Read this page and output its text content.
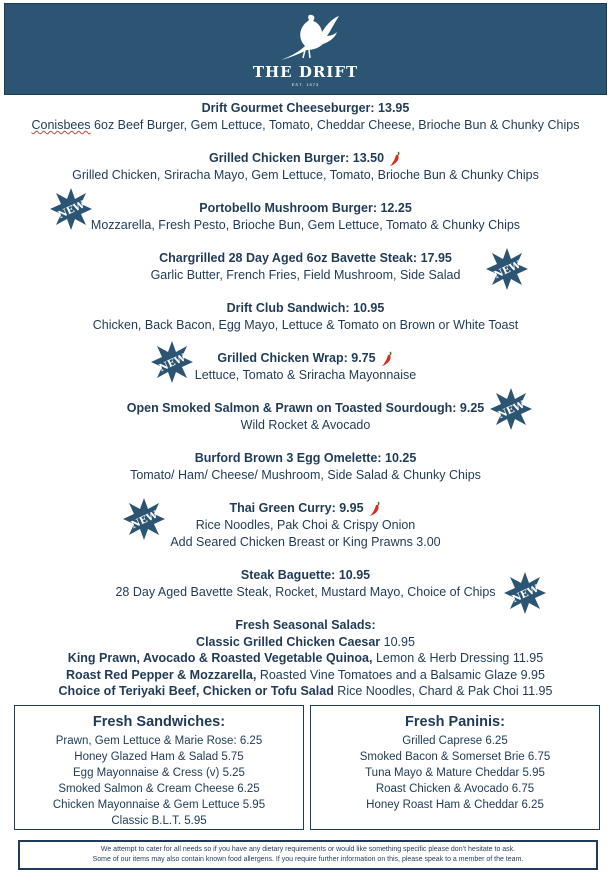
THE DRIFT
EST. 1973
Drift Gourmet Cheeseburger: 13.95
Conisbees 6oz Beef Burger, Gem Lettuce, Tomato, Cheddar Cheese, Brioche Bun & Chunky Chips
Grilled Chicken Burger: 13.50
Grilled Chicken, Sriracha Mayo, Gem Lettuce, Tomato, Brioche Bun & Chunky Chips
Portobello Mushroom Burger: 12.25
Mozzarella, Fresh Pesto, Brioche Bun, Gem Lettuce, Tomato & Chunky Chips
Chargrilled 28 Day Aged 6oz Bavette Steak: 17.95
Garlic Butter, French Fries, Field Mushroom, Side Salad
Drift Club Sandwich: 10.95
Chicken, Back Bacon, Egg Mayo, Lettuce & Tomato on Brown or White Toast
Grilled Chicken Wrap: 9.75
Lettuce, Tomato & Sriracha Mayonnaise
Open Smoked Salmon & Prawn on Toasted Sourdough: 9.25
Wild Rocket & Avocado
Burford Brown 3 Egg Omelette: 10.25
Tomato/ Ham/ Cheese/ Mushroom, Side Salad & Chunky Chips
Thai Green Curry: 9.95
Rice Noodles, Pak Choi & Crispy Onion
Add Seared Chicken Breast or King Prawns 3.00
Steak Baguette: 10.95
28 Day Aged Bavette Steak, Rocket, Mustard Mayo, Choice of Chips
NEW
NEW
NEW
NEW
NEW
NEW
Fresh Seasonal Salads:
Classic Grilled Chicken Caesar 10.95
King Prawn, Avocado & Roasted Vegetable Quinoa, Lemon & Herb Dressing 11.95
Roast Red Pepper & Mozzarella, Roasted Vine Tomatoes and a Balsamic Glaze 9.95
Choice of Teriyaki Beef, Chicken or Tofu Salad Rice Noodles, Chard & Pak Choi 11.95
Fresh Sandwiches:
Prawn, Gem Lettuce & Marie Rose: 6.25
Honey Glazed Ham & Salad 5.75
Egg Mayonnaise & Cress (v) 5.25
Smoked Salmon & Cream Cheese 6.25
Chicken Mayonnaise & Gem Lettuce 5.95
Classic B.L.T. 5.95
Fresh Paninis:
Grilled Caprese 6.25
Smoked Bacon & Somerset Brie 6.75
Tuna Mayo & Mature Cheddar 5.95
Roast Chicken & Avocado 6.75
Honey Roast Ham & Cheddar 6.25
We attempt to cater for all needs so if you have any dietary requirements or would like something specific please don’t hesitate to ask.
Some of our items may also contain known food allergens. If you require further information on this, please speak to a member of the team.
